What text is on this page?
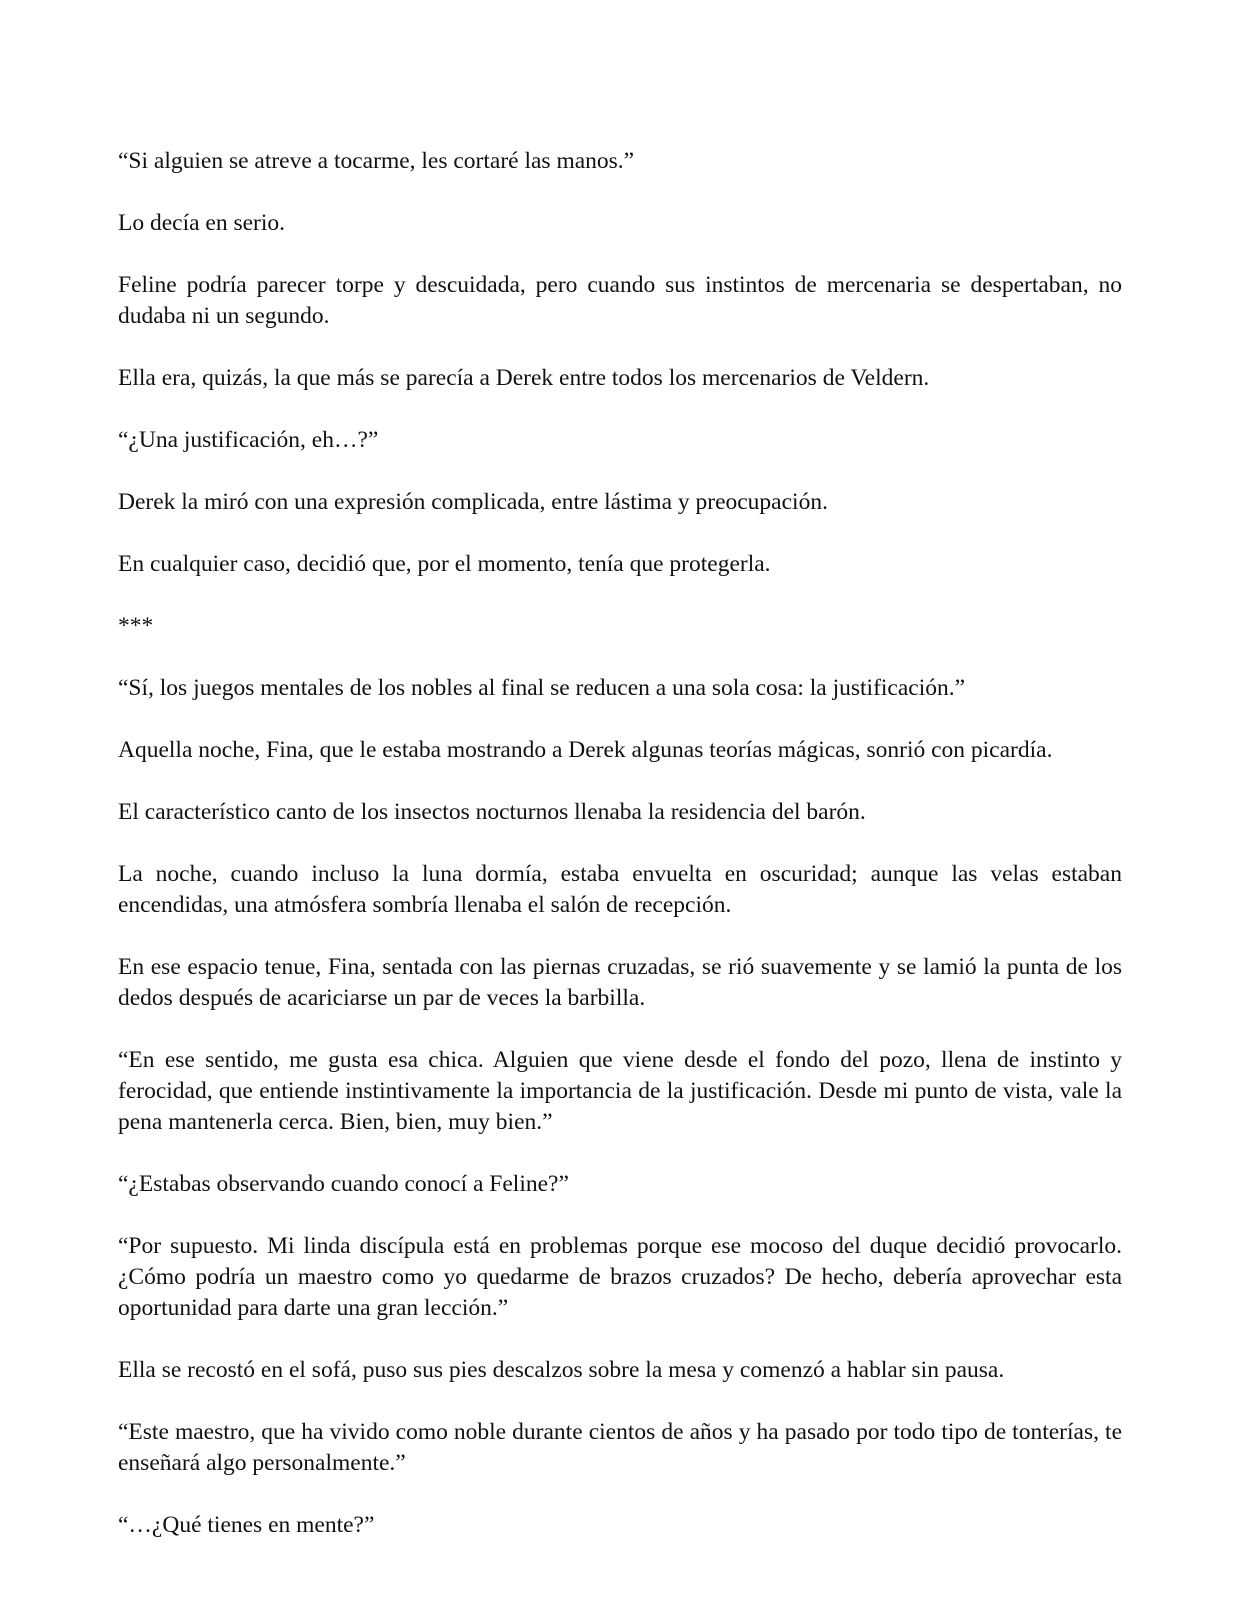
“Si alguien se atreve a tocarme, les cortaré las manos.”

Lo decía en serio.

Feline podría parecer torpe y descuidada, pero cuando sus instintos de mercenaria se despertaban, no dudaba ni un segundo.

Ella era, quizás, la que más se parecía a Derek entre todos los mercenarios de Veldern.

“¿Una justificación, eh…?”

Derek la miró con una expresión complicada, entre lástima y preocupación.

En cualquier caso, decidió que, por el momento, tenía que protegerla.

***

“Sí, los juegos mentales de los nobles al final se reducen a una sola cosa: la justificación.”

Aquella noche, Fina, que le estaba mostrando a Derek algunas teorías mágicas, sonrió con picardía.

El característico canto de los insectos nocturnos llenaba la residencia del barón.

La noche, cuando incluso la luna dormía, estaba envuelta en oscuridad; aunque las velas estaban encendidas, una atmósfera sombría llenaba el salón de recepción.

En ese espacio tenue, Fina, sentada con las piernas cruzadas, se rió suavemente y se lamió la punta de los dedos después de acariciarse un par de veces la barbilla.

“En ese sentido, me gusta esa chica. Alguien que viene desde el fondo del pozo, llena de instinto y ferocidad, que entiende instintivamente la importancia de la justificación. Desde mi punto de vista, vale la pena mantenerla cerca. Bien, bien, muy bien.”

“¿Estabas observando cuando conocí a Feline?”

“Por supuesto. Mi linda discípula está en problemas porque ese mocoso del duque decidió provocarlo. ¿Cómo podría un maestro como yo quedarme de brazos cruzados? De hecho, debería aprovechar esta oportunidad para darte una gran lección.”

Ella se recostó en el sofá, puso sus pies descalzos sobre la mesa y comenzó a hablar sin pausa.

“Este maestro, que ha vivido como noble durante cientos de años y ha pasado por todo tipo de tonterías, te enseñará algo personalmente.”

“…¿Qué tienes en mente?”
